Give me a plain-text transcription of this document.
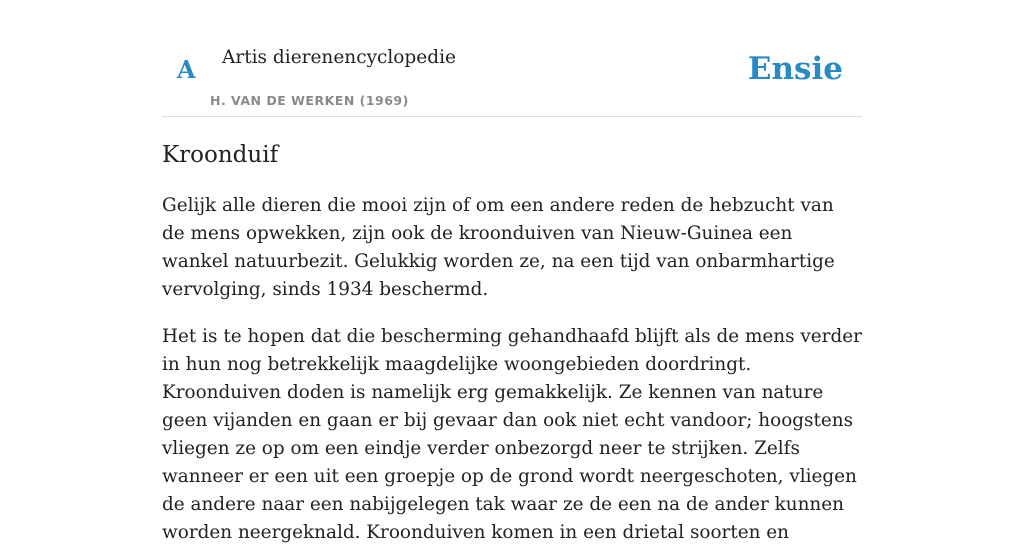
A Artis dierenencyclopedie
H. VAN DE WERKEN (1969)
Ensie
Kroonduif

Gelijk alle dieren die mooi zijn of om een andere reden de hebzucht van de mens opwekken, zijn ook de kroonduiven van Nieuw-Guinea een wankel natuurbezit. Gelukkig worden ze, na een tijd van onbarmhartige vervolging, sinds 1934 beschermd.

Het is te hopen dat die bescherming gehandhaafd blijft als de mens verder in hun nog betrekkelijk maagdelijke woongebieden doordringt. Kroonduiven doden is namelijk erg gemakkelijk. Ze kennen van nature geen vijanden en gaan er bij gevaar dan ook niet echt vandoor; hoogstens vliegen ze op om een eindje verder onbezorgd neer te strijken. Zelfs wanneer er een uit een groepje op de grond wordt neergeschoten, vliegen de andere naar een nabijgelegen tak waar ze de een na de ander kunnen worden neergeknald. Kroonduiven komen in een drietal soorten en
